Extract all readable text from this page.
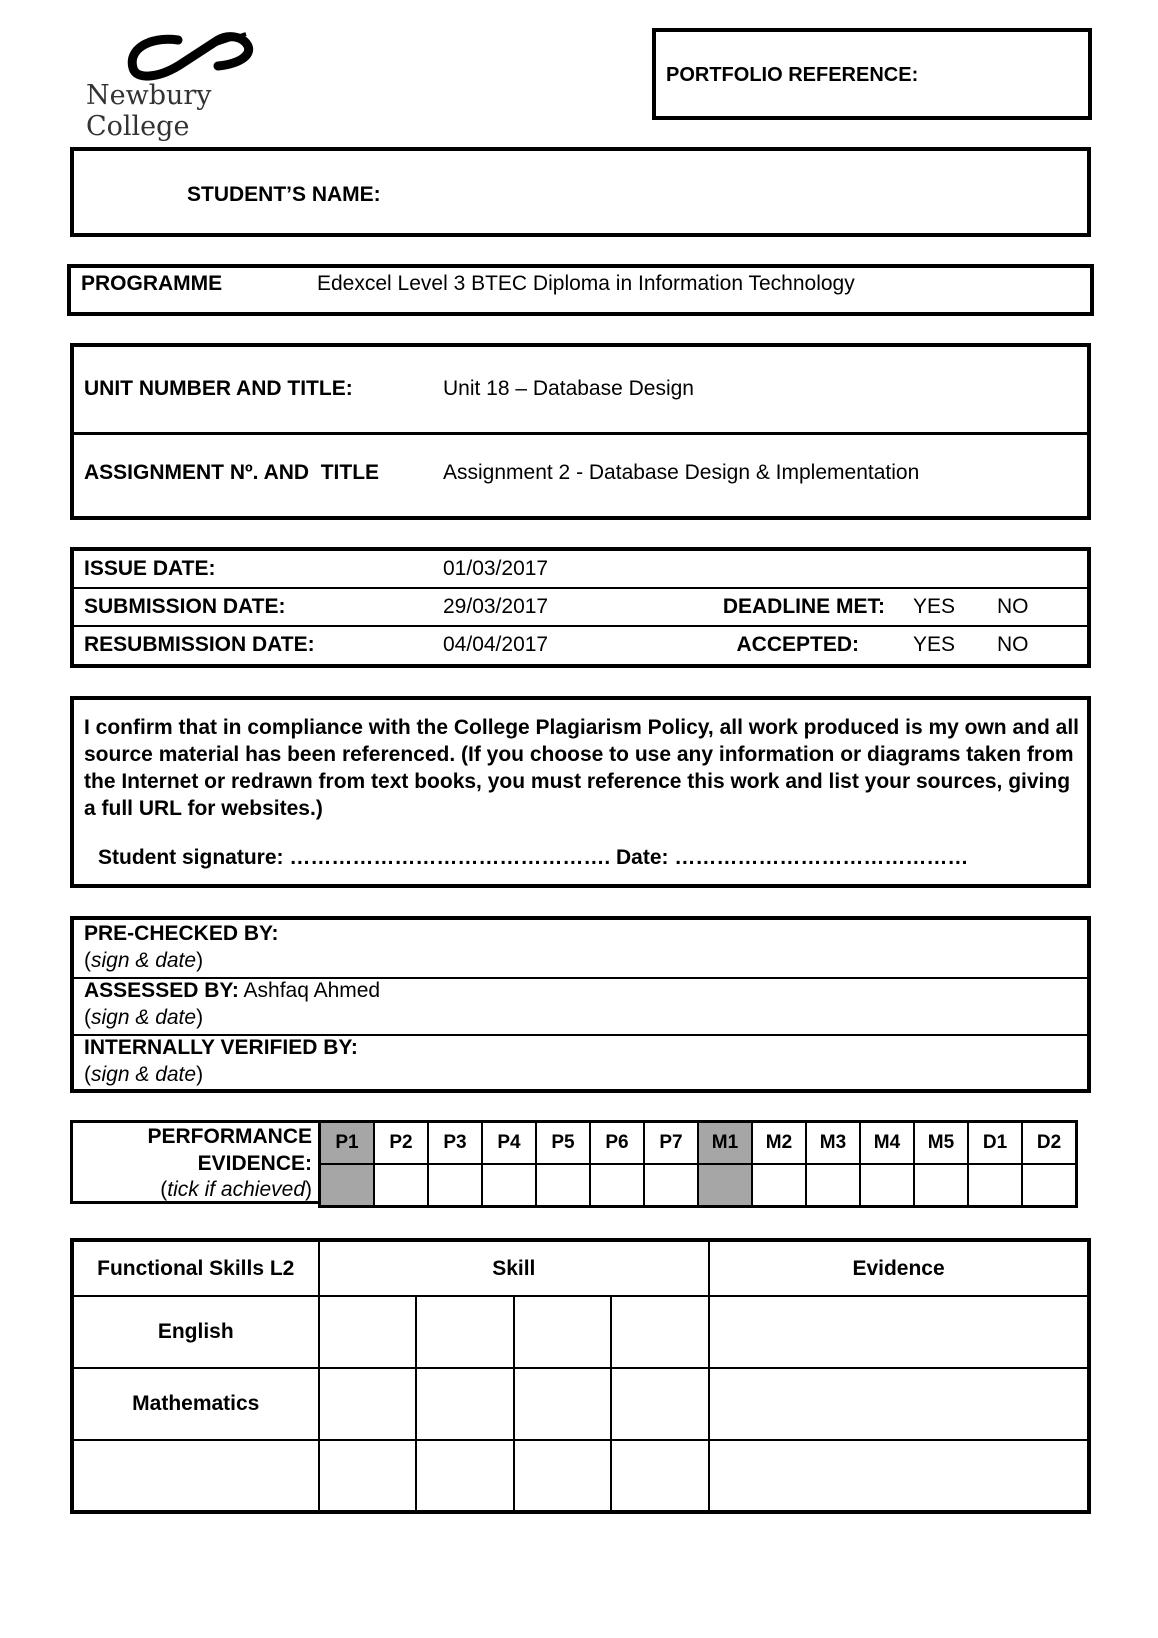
Newbury College
PORTFOLIO REFERENCE:
STUDENT’S NAME:
PROGRAMME	Edexcel Level 3 BTEC Diploma in Information Technology
UNIT NUMBER AND TITLE:	Unit 18 – Database Design
ASSIGNMENT Nº. AND  TITLE	Assignment 2 - Database Design & Implementation
ISSUE DATE:	01/03/2017			
SUBMISSION DATE:	29/03/2017	DEADLINE MET:	YES	NO
RESUBMISSION DATE:	04/04/2017	ACCEPTED:	YES	NO
I confirm that in compliance with the College Plagiarism Policy, all work produced is my own and all source material has been referenced. (If you choose to use any information or diagrams taken from the Internet or redrawn from text books, you must reference this work and list your sources, giving a full URL for websites.)
Student signature: ………………………………………. Date: ……………………………………
PRE-CHECKED BY:
(sign & date)
ASSESSED BY: Ashfaq Ahmed
(sign & date)
INTERNALLY VERIFIED BY:
(sign & date)
PERFORMANCE
EVIDENCE:
(tick if achieved)
P1	P2	P3	P4	P5	P6	P7	M1	M2	M3	M4	M5	D1	D2

Functional Skills L2	Skill				Evidence
English					
Mathematics					
